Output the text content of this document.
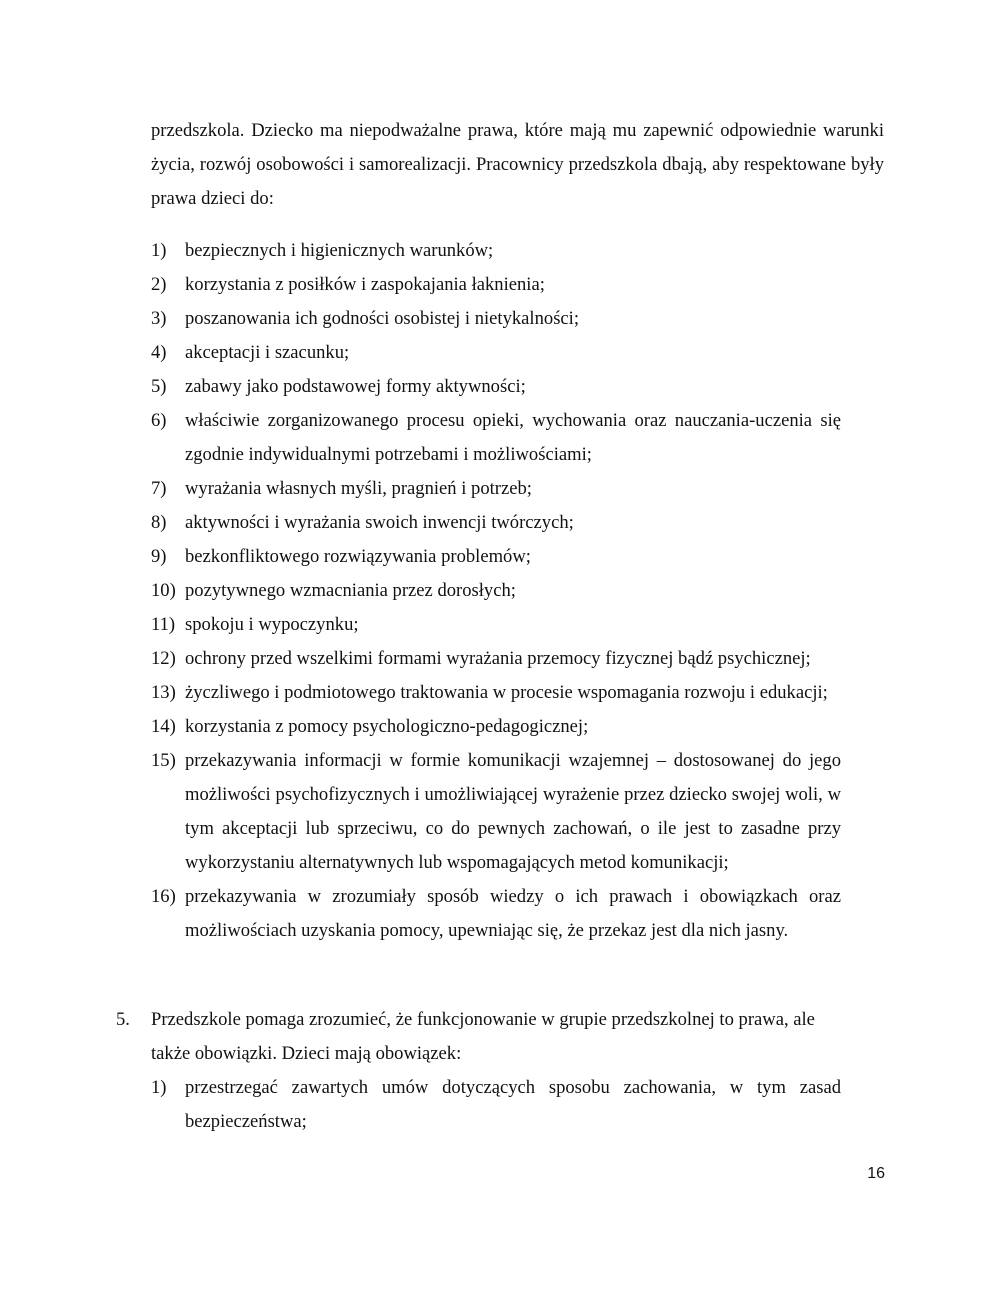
przedszkola. Dziecko ma niepodważalne prawa, które mają mu zapewnić odpowiednie warunki życia, rozwój osobowości i samorealizacji. Pracownicy przedszkola dbają, aby respektowane były prawa dzieci do:

1) bezpiecznych i higienicznych warunków;
2) korzystania z posiłków i zaspokajania łaknienia;
3) poszanowania ich godności osobistej i nietykalności;
4) akceptacji i szacunku;
5) zabawy jako podstawowej formy aktywności;
6) właściwie zorganizowanego procesu opieki, wychowania oraz nauczania-uczenia się zgodnie indywidualnymi potrzebami i możliwościami;
7) wyrażania własnych myśli, pragnień i potrzeb;
8) aktywności i wyrażania swoich inwencji twórczych;
9) bezkonfliktowego rozwiązywania problemów;
10) pozytywnego wzmacniania przez dorosłych;
11) spokoju i wypoczynku;
12) ochrony przed wszelkimi formami wyrażania przemocy fizycznej bądź psychicznej;
13) życzliwego i podmiotowego traktowania w procesie wspomagania rozwoju i edukacji;
14) korzystania z pomocy psychologiczno-pedagogicznej;
15) przekazywania informacji w formie komunikacji wzajemnej – dostosowanej do jego możliwości psychofizycznych i umożliwiającej wyrażenie przez dziecko swojej woli, w tym akceptacji lub sprzeciwu, co do pewnych zachowań, o ile jest to zasadne przy wykorzystaniu alternatywnych lub wspomagających metod komunikacji;
16) przekazywania w zrozumiały sposób wiedzy o ich prawach i obowiązkach oraz możliwościach uzyskania pomocy, upewniając się, że przekaz jest dla nich jasny.
5.	Przedszkole pomaga zrozumieć, że funkcjonowanie w grupie przedszkolnej to prawa, ale także obowiązki. Dzieci mają obowiązek:
1) przestrzegać zawartych umów dotyczących sposobu zachowania, w tym zasad bezpieczeństwa;
16
